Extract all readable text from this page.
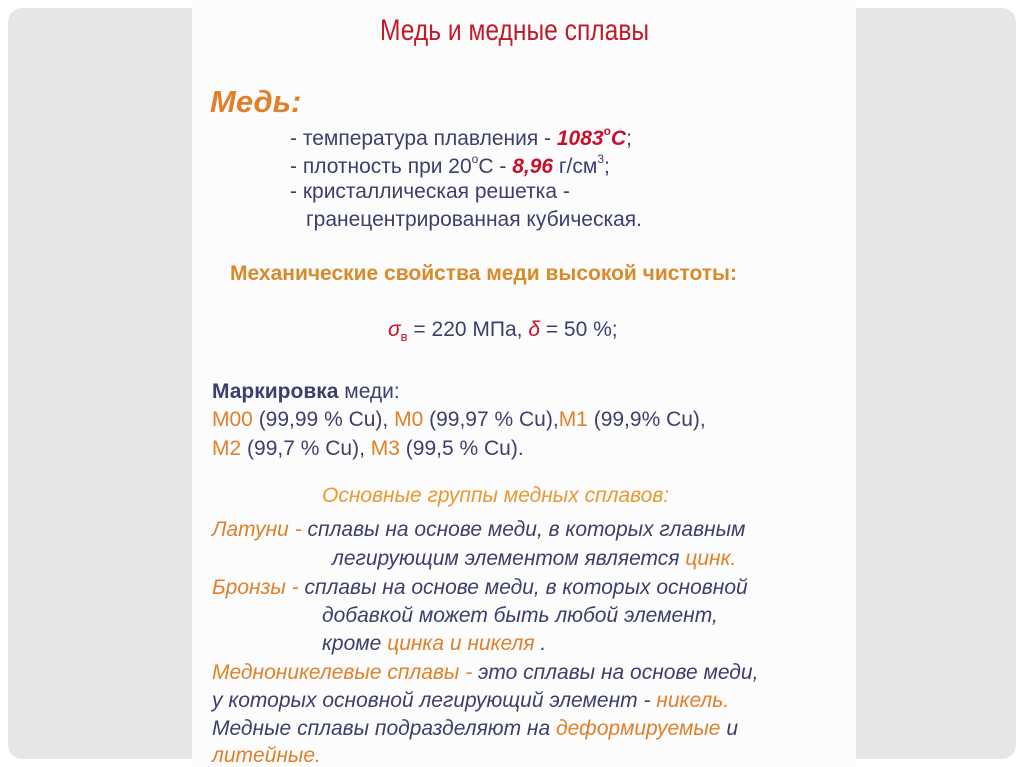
Медь и медные сплавы
Медь:
- температура плавления - 1083$^o$С;
- плотность при 20$^o$С - 8,96 $г/см^3$;
- кристаллическая решетка -
гранецентрированная кубическая.
Механические свойства меди высокой чистоты:
$\sigma_в = 220$ МПа, δ = 50 %;
Маркировка меди:
М00 (99,99 % Cu), М0 (99,97 % Cu),М1 (99,9% Cu),
М2 (99,7 % Cu), М3 (99,5 % Cu).
Основные группы медных сплавов:
Латуни - сплавы на основе меди, в которых главным
легирующим элементом является цинк.
Бронзы - сплавы на основе меди, в которых основной
добавкой может быть любой элемент,
кроме цинка и никеля .
Медноникелевые сплавы - это сплавы на основе меди,
у которых основной легирующий элемент - никель.
Медные сплавы подразделяют на деформируемые и
литейные.
